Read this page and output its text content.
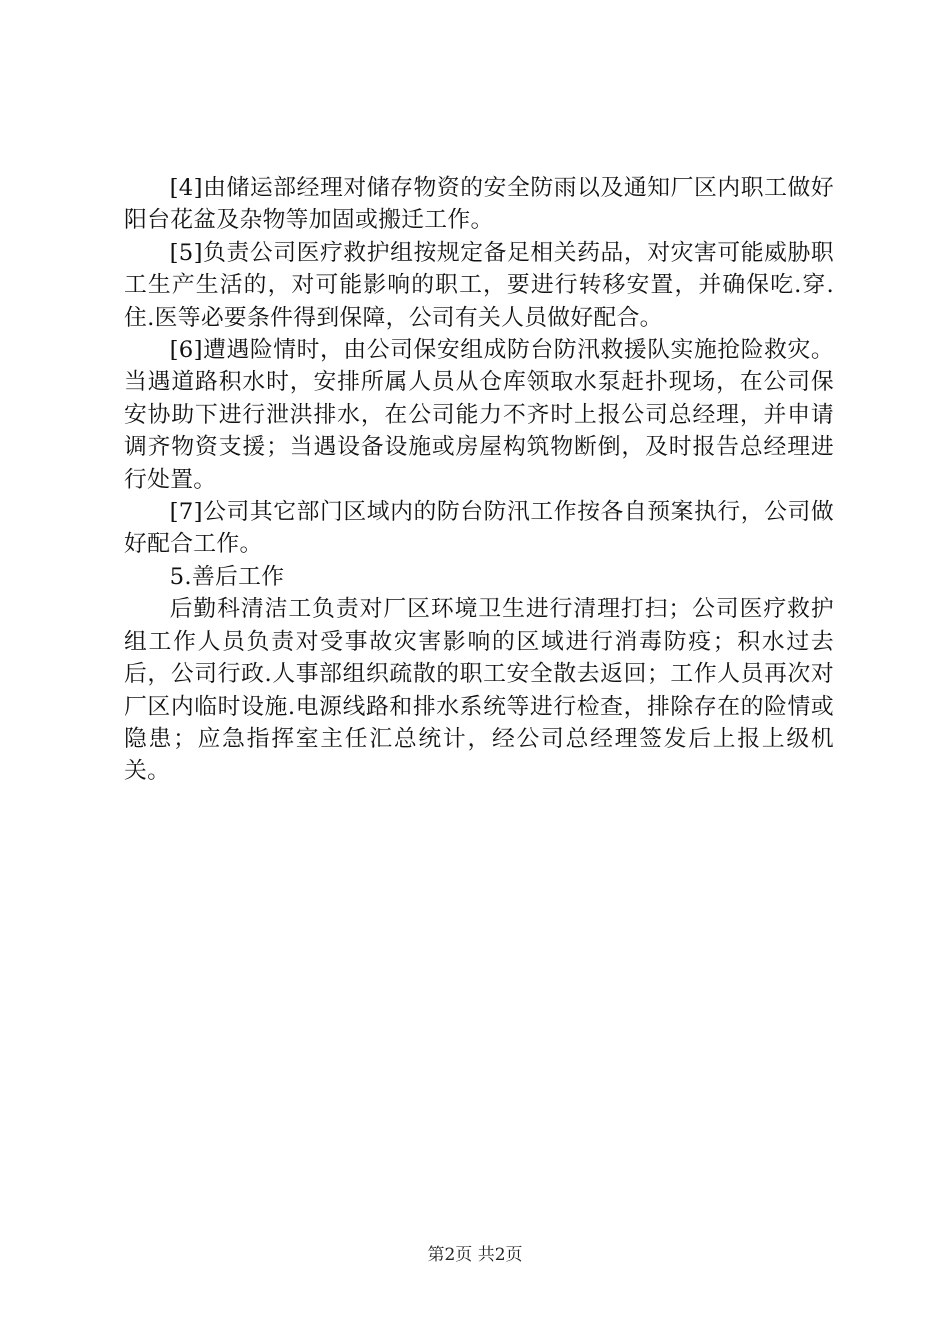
[4]由储运部经理对储存物资的安全防雨以及通知厂区内职工做好阳台花盆及杂物等加固或搬迁工作。

[5]负责公司医疗救护组按规定备足相关药品，对灾害可能威胁职工生产生活的，对可能影响的职工，要进行转移安置，并确保吃.穿.住.医等必要条件得到保障，公司有关人员做好配合。

[6]遭遇险情时，由公司保安组成防台防汛救援队实施抢险救灾。当遇道路积水时，安排所属人员从仓库领取水泵赶扑现场，在公司保安协助下进行泄洪排水，在公司能力不齐时上报公司总经理，并申请调齐物资支援；当遇设备设施或房屋构筑物断倒，及时报告总经理进行处置。

[7]公司其它部门区域内的防台防汛工作按各自预案执行，公司做好配合工作。

5.善后工作

后勤科清洁工负责对厂区环境卫生进行清理打扫；公司医疗救护组工作人员负责对受事故灾害影响的区域进行消毒防疫；积水过去后，公司行政.人事部组织疏散的职工安全散去返回；工作人员再次对厂区内临时设施.电源线路和排水系统等进行检查，排除存在的险情或隐患；应急指挥室主任汇总统计，经公司总经理签发后上报上级机关。

第2页 共2页
